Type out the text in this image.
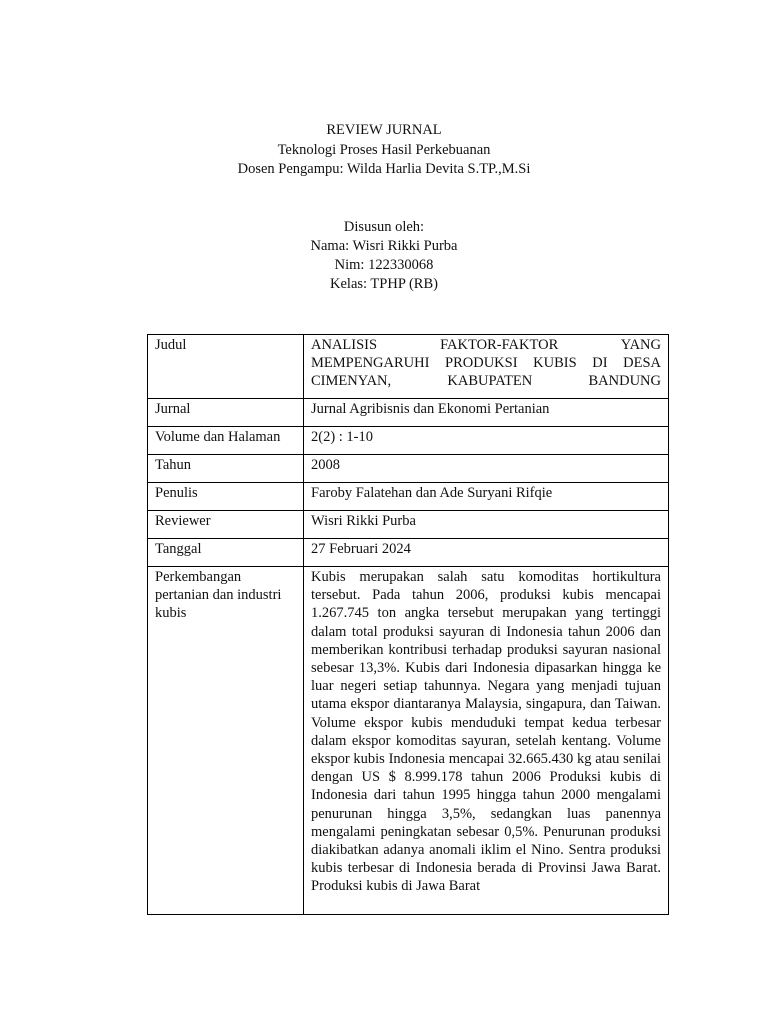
REVIEW JURNAL
Teknologi Proses Hasil Perkebuanan
Dosen Pengampu: Wilda Harlia Devita S.TP.,M.Si
Disusun oleh:
Nama: Wisri Rikki Purba
Nim: 122330068
Kelas: TPHP (RB)
Judul	ANALISIS FAKTOR-FAKTOR YANG MEMPENGARUHI PRODUKSI KUBIS DI DESA CIMENYAN, KABUPATEN BANDUNG
Jurnal	Jurnal Agribisnis dan Ekonomi Pertanian
Volume dan Halaman	2(2) : 1-10
Tahun	2008
Penulis	Faroby Falatehan dan Ade Suryani Rifqie
Reviewer	Wisri Rikki Purba
Tanggal	27 Februari 2024
Perkembangan pertanian dan industri kubis	Kubis merupakan salah satu komoditas hortikultura tersebut. Pada tahun 2006, produksi kubis mencapai 1.267.745 ton angka tersebut merupakan yang tertinggi dalam total produksi sayuran di Indonesia tahun 2006 dan memberikan kontribusi terhadap produksi sayuran nasional sebesar 13,3%. Kubis dari Indonesia dipasarkan hingga ke luar negeri setiap tahunnya. Negara yang menjadi tujuan utama ekspor diantaranya Malaysia, singapura, dan Taiwan. Volume ekspor kubis menduduki tempat kedua terbesar dalam ekspor komoditas sayuran, setelah kentang. Volume ekspor kubis Indonesia mencapai 32.665.430 kg atau senilai dengan US $ 8.999.178 tahun 2006 Produksi kubis di Indonesia dari tahun 1995 hingga tahun 2000 mengalami penurunan hingga 3,5%, sedangkan luas panennya mengalami peningkatan sebesar 0,5%. Penurunan produksi diakibatkan adanya anomali iklim el Nino. Sentra produksi kubis terbesar di Indonesia berada di Provinsi Jawa Barat. Produksi kubis di Jawa Barat
